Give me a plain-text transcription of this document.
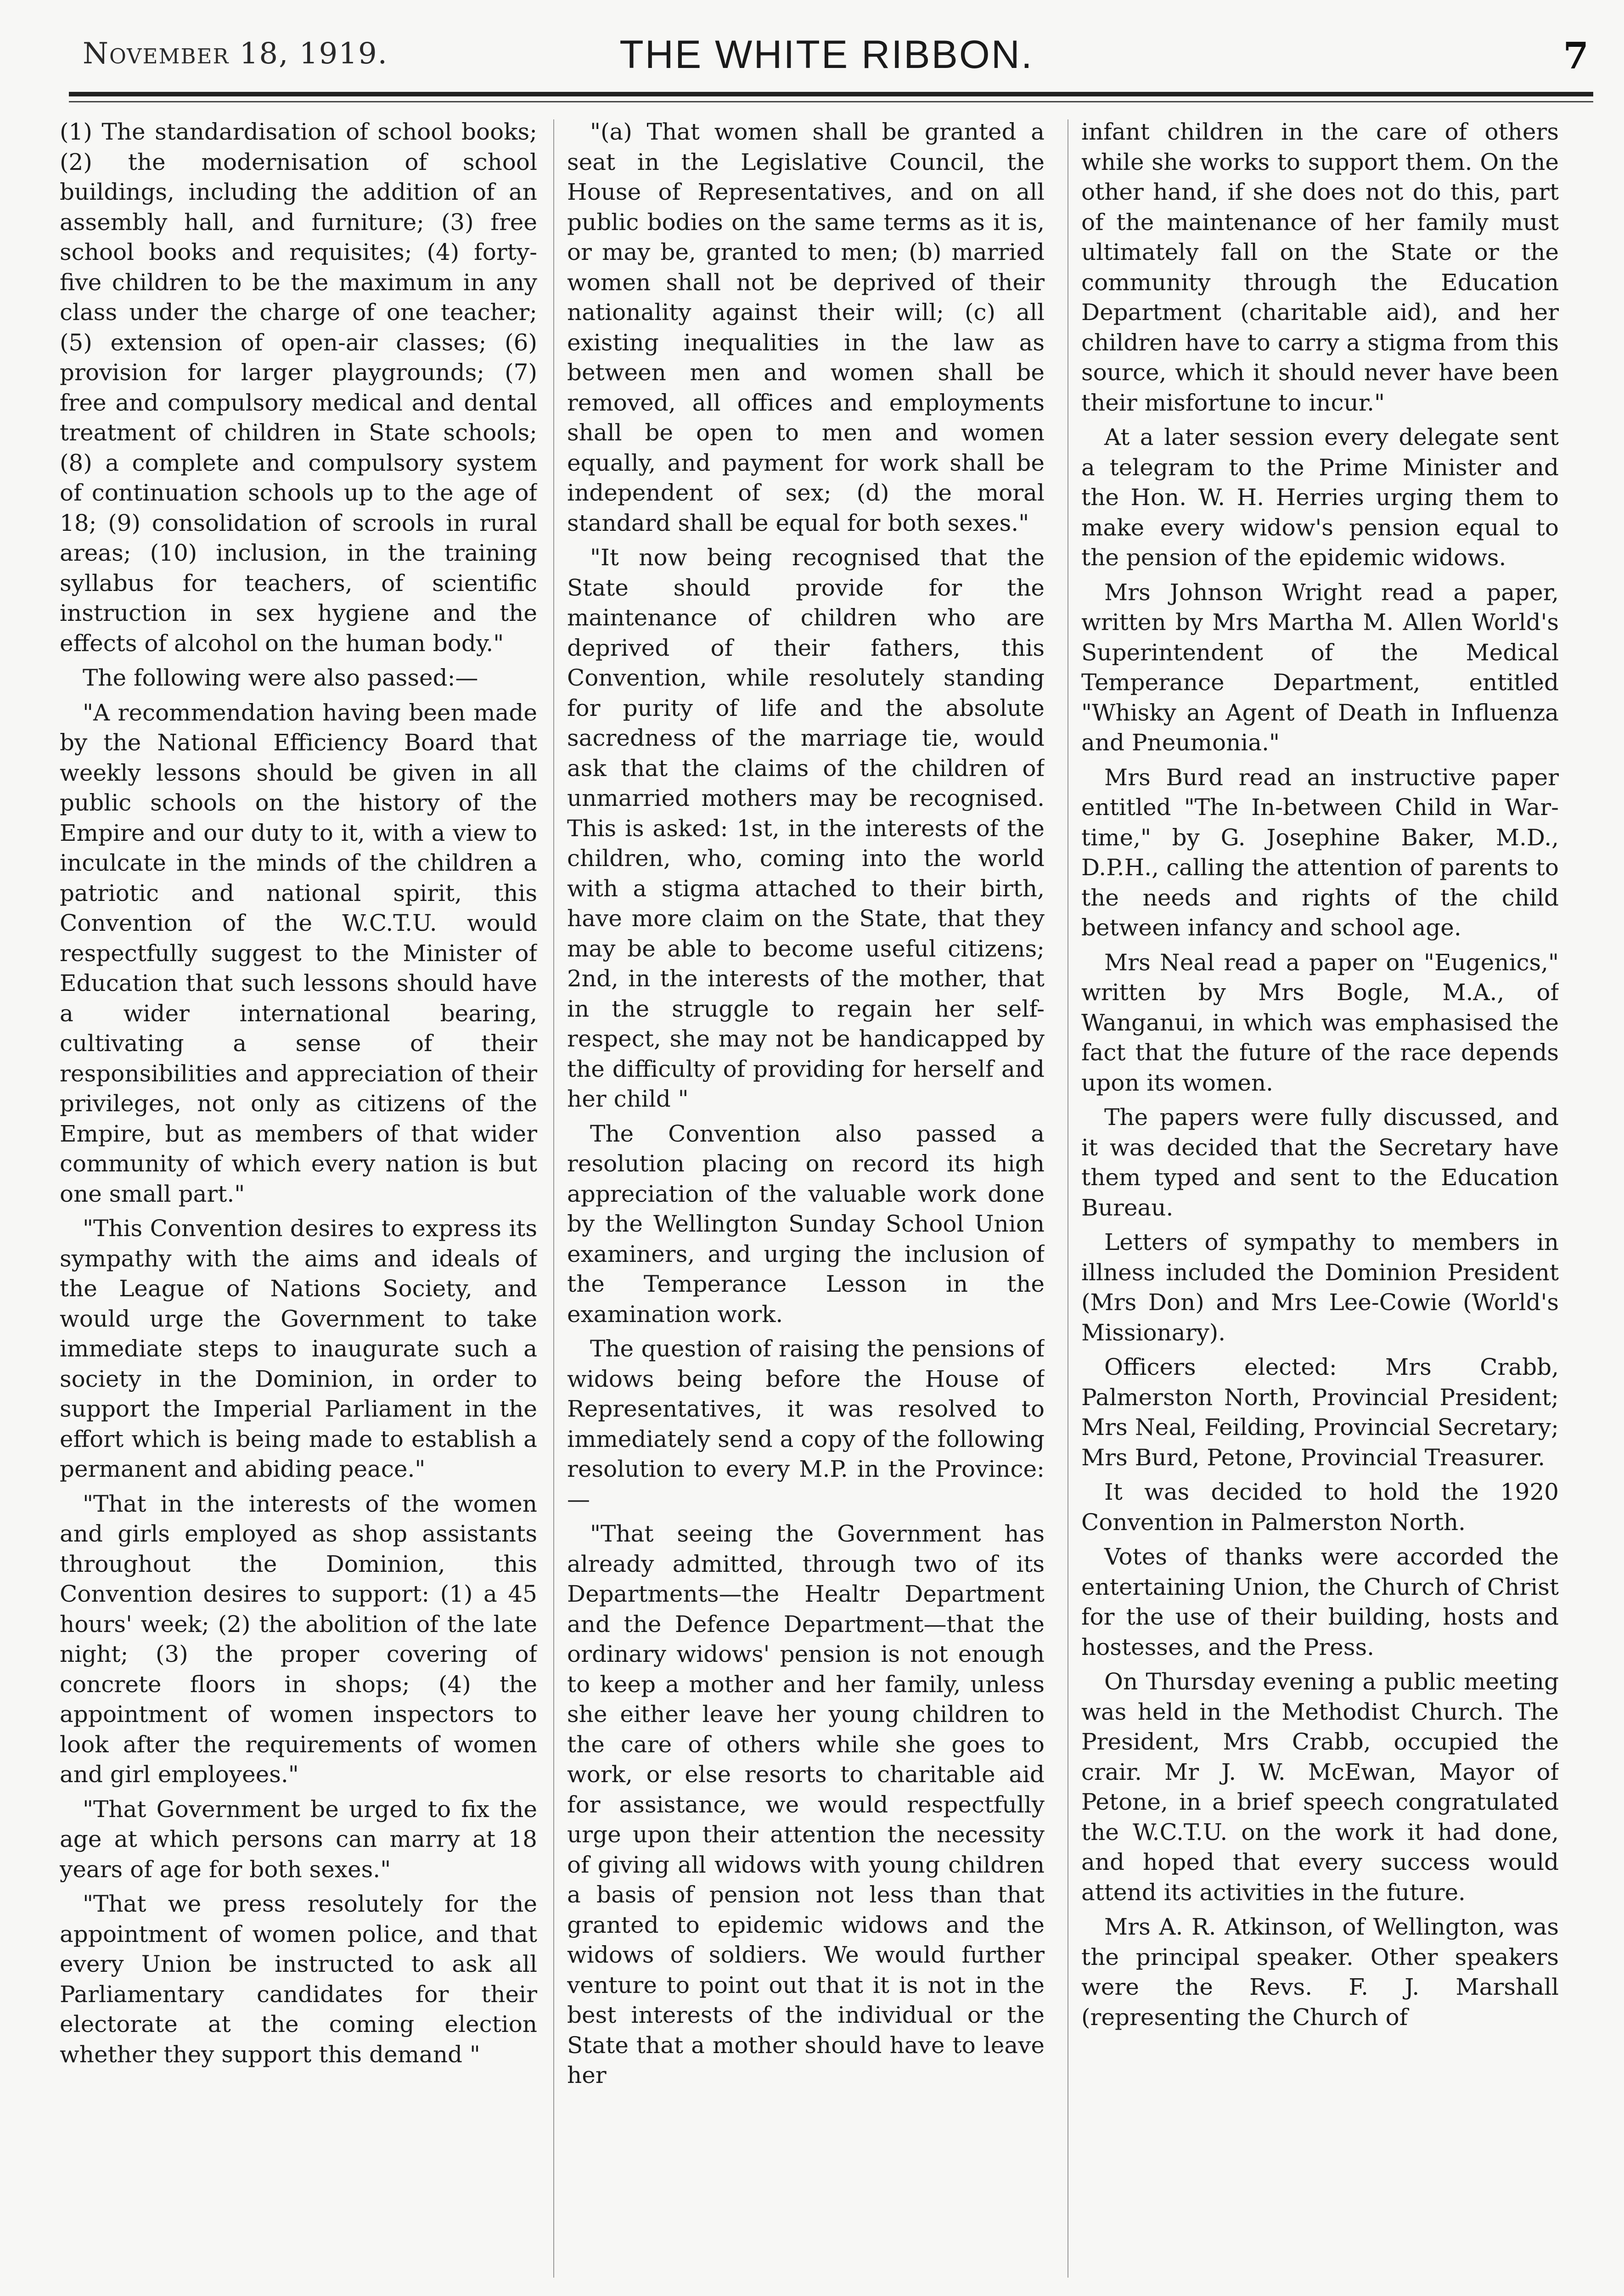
November 18, 1919.	THE WHITE RIBBON.	7

(1) The standardisation of school books; (2) the modernisation of school buildings, including the addition of an assembly hall, and furniture; (3) free school books and requisites; (4) forty-five children to be the maximum in any class under the charge of one teacher; (5) extension of open-air classes; (6) provision for larger playgrounds; (7) free and compulsory medical and dental treatment of children in State schools; (8) a complete and compulsory system of continuation schools up to the age of 18; (9) consolidation of scrools in rural areas; (10) inclusion, in the training syllabus for teachers, of scientific instruction in sex hygiene and the effects of alcohol on the human body."

The following were also passed:—

"A recommendation having been made by the National Efficiency Board that weekly lessons should be given in all public schools on the history of the Empire and our duty to it, with a view to inculcate in the minds of the children a patriotic and national spirit, this Convention of the W.C.T.U. would respectfully suggest to the Minister of Education that such lessons should have a wider international bearing, cultivating a sense of their responsibilities and appreciation of their privileges, not only as citizens of the Empire, but as members of that wider community of which every nation is but one small part."

"This Convention desires to express its sympathy with the aims and ideals of the League of Nations Society, and would urge the Government to take immediate steps to inaugurate such a society in the Dominion, in order to support the Imperial Parliament in the effort which is being made to establish a permanent and abiding peace."

"That in the interests of the women and girls employed as shop assistants throughout the Dominion, this Convention desires to support: (1) a 45 hours' week; (2) the abolition of the late night; (3) the proper covering of concrete floors in shops; (4) the appointment of women inspectors to look after the requirements of women and girl employees."

"That Government be urged to fix the age at which persons can marry at 18 years of age for both sexes."

"That we press resolutely for the appointment of women police, and that every Union be instructed to ask all Parliamentary candidates for their electorate at the coming election whether they support this demand "

"(a) That women shall be granted a seat in the Legislative Council, the House of Representatives, and on all public bodies on the same terms as it is, or may be, granted to men; (b) married women shall not be deprived of their nationality against their will; (c) all existing inequalities in the law as between men and women shall be removed, all offices and employments shall be open to men and women equally, and payment for work shall be independent of sex; (d) the moral standard shall be equal for both sexes."

"It now being recognised that the State should provide for the maintenance of children who are deprived of their fathers, this Convention, while resolutely standing for purity of life and the absolute sacredness of the marriage tie, would ask that the claims of the children of unmarried mothers may be recognised. This is asked: 1st, in the interests of the children, who, coming into the world with a stigma attached to their birth, have more claim on the State, that they may be able to become useful citizens; 2nd, in the interests of the mother, that in the struggle to regain her self-respect, she may not be handicapped by the difficulty of providing for herself and her child "

The Convention also passed a resolution placing on record its high appreciation of the valuable work done by the Wellington Sunday School Union examiners, and urging the inclusion of the Temperance Lesson in the examination work.

The question of raising the pensions of widows being before the House of Representatives, it was resolved to immediately send a copy of the following resolution to every M.P. in the Province:—

"That seeing the Government has already admitted, through two of its Departments—the Healtr Department and the Defence Department—that the ordinary widows' pension is not enough to keep a mother and her family, unless she either leave her young children to the care of others while she goes to work, or else resorts to charitable aid for assistance, we would respectfully urge upon their attention the necessity of giving all widows with young children a basis of pension not less than that granted to epidemic widows and the widows of soldiers. We would further venture to point out that it is not in the best interests of the individual or the State that a mother should have to leave her

infant children in the care of others while she works to support them. On the other hand, if she does not do this, part of the maintenance of her family must ultimately fall on the State or the community through the Education Department (charitable aid), and her children have to carry a stigma from this source, which it should never have been their misfortune to incur."

At a later session every delegate sent a telegram to the Prime Minister and the Hon. W. H. Herries urging them to make every widow's pension equal to the pension of the epidemic widows.

Mrs Johnson Wright read a paper, written by Mrs Martha M. Allen World's Superintendent of the Medical Temperance Department, entitled "Whisky an Agent of Death in Influenza and Pneumonia."

Mrs Burd read an instructive paper entitled "The In-between Child in War-time," by G. Josephine Baker, M.D., D.P.H., calling the attention of parents to the needs and rights of the child between infancy and school age.

Mrs Neal read a paper on "Eugenics," written by Mrs Bogle, M.A., of Wanganui, in which was emphasised the fact that the future of the race depends upon its women.

The papers were fully discussed, and it was decided that the Secretary have them typed and sent to the Education Bureau.

Letters of sympathy to members in illness included the Dominion President (Mrs Don) and Mrs Lee-Cowie (World's Missionary).

Officers elected: Mrs Crabb, Palmerston North, Provincial President; Mrs Neal, Feilding, Provincial Secretary; Mrs Burd, Petone, Provincial Treasurer.

It was decided to hold the 1920 Convention in Palmerston North.

Votes of thanks were accorded the entertaining Union, the Church of Christ for the use of their building, hosts and hostesses, and the Press.

On Thursday evening a public meeting was held in the Methodist Church. The President, Mrs Crabb, occupied the crair. Mr J. W. McEwan, Mayor of Petone, in a brief speech congratulated the W.C.T.U. on the work it had done, and hoped that every success would attend its activities in the future.

Mrs A. R. Atkinson, of Wellington, was the principal speaker. Other speakers were the Revs. F. J. Marshall (representing the Church of
